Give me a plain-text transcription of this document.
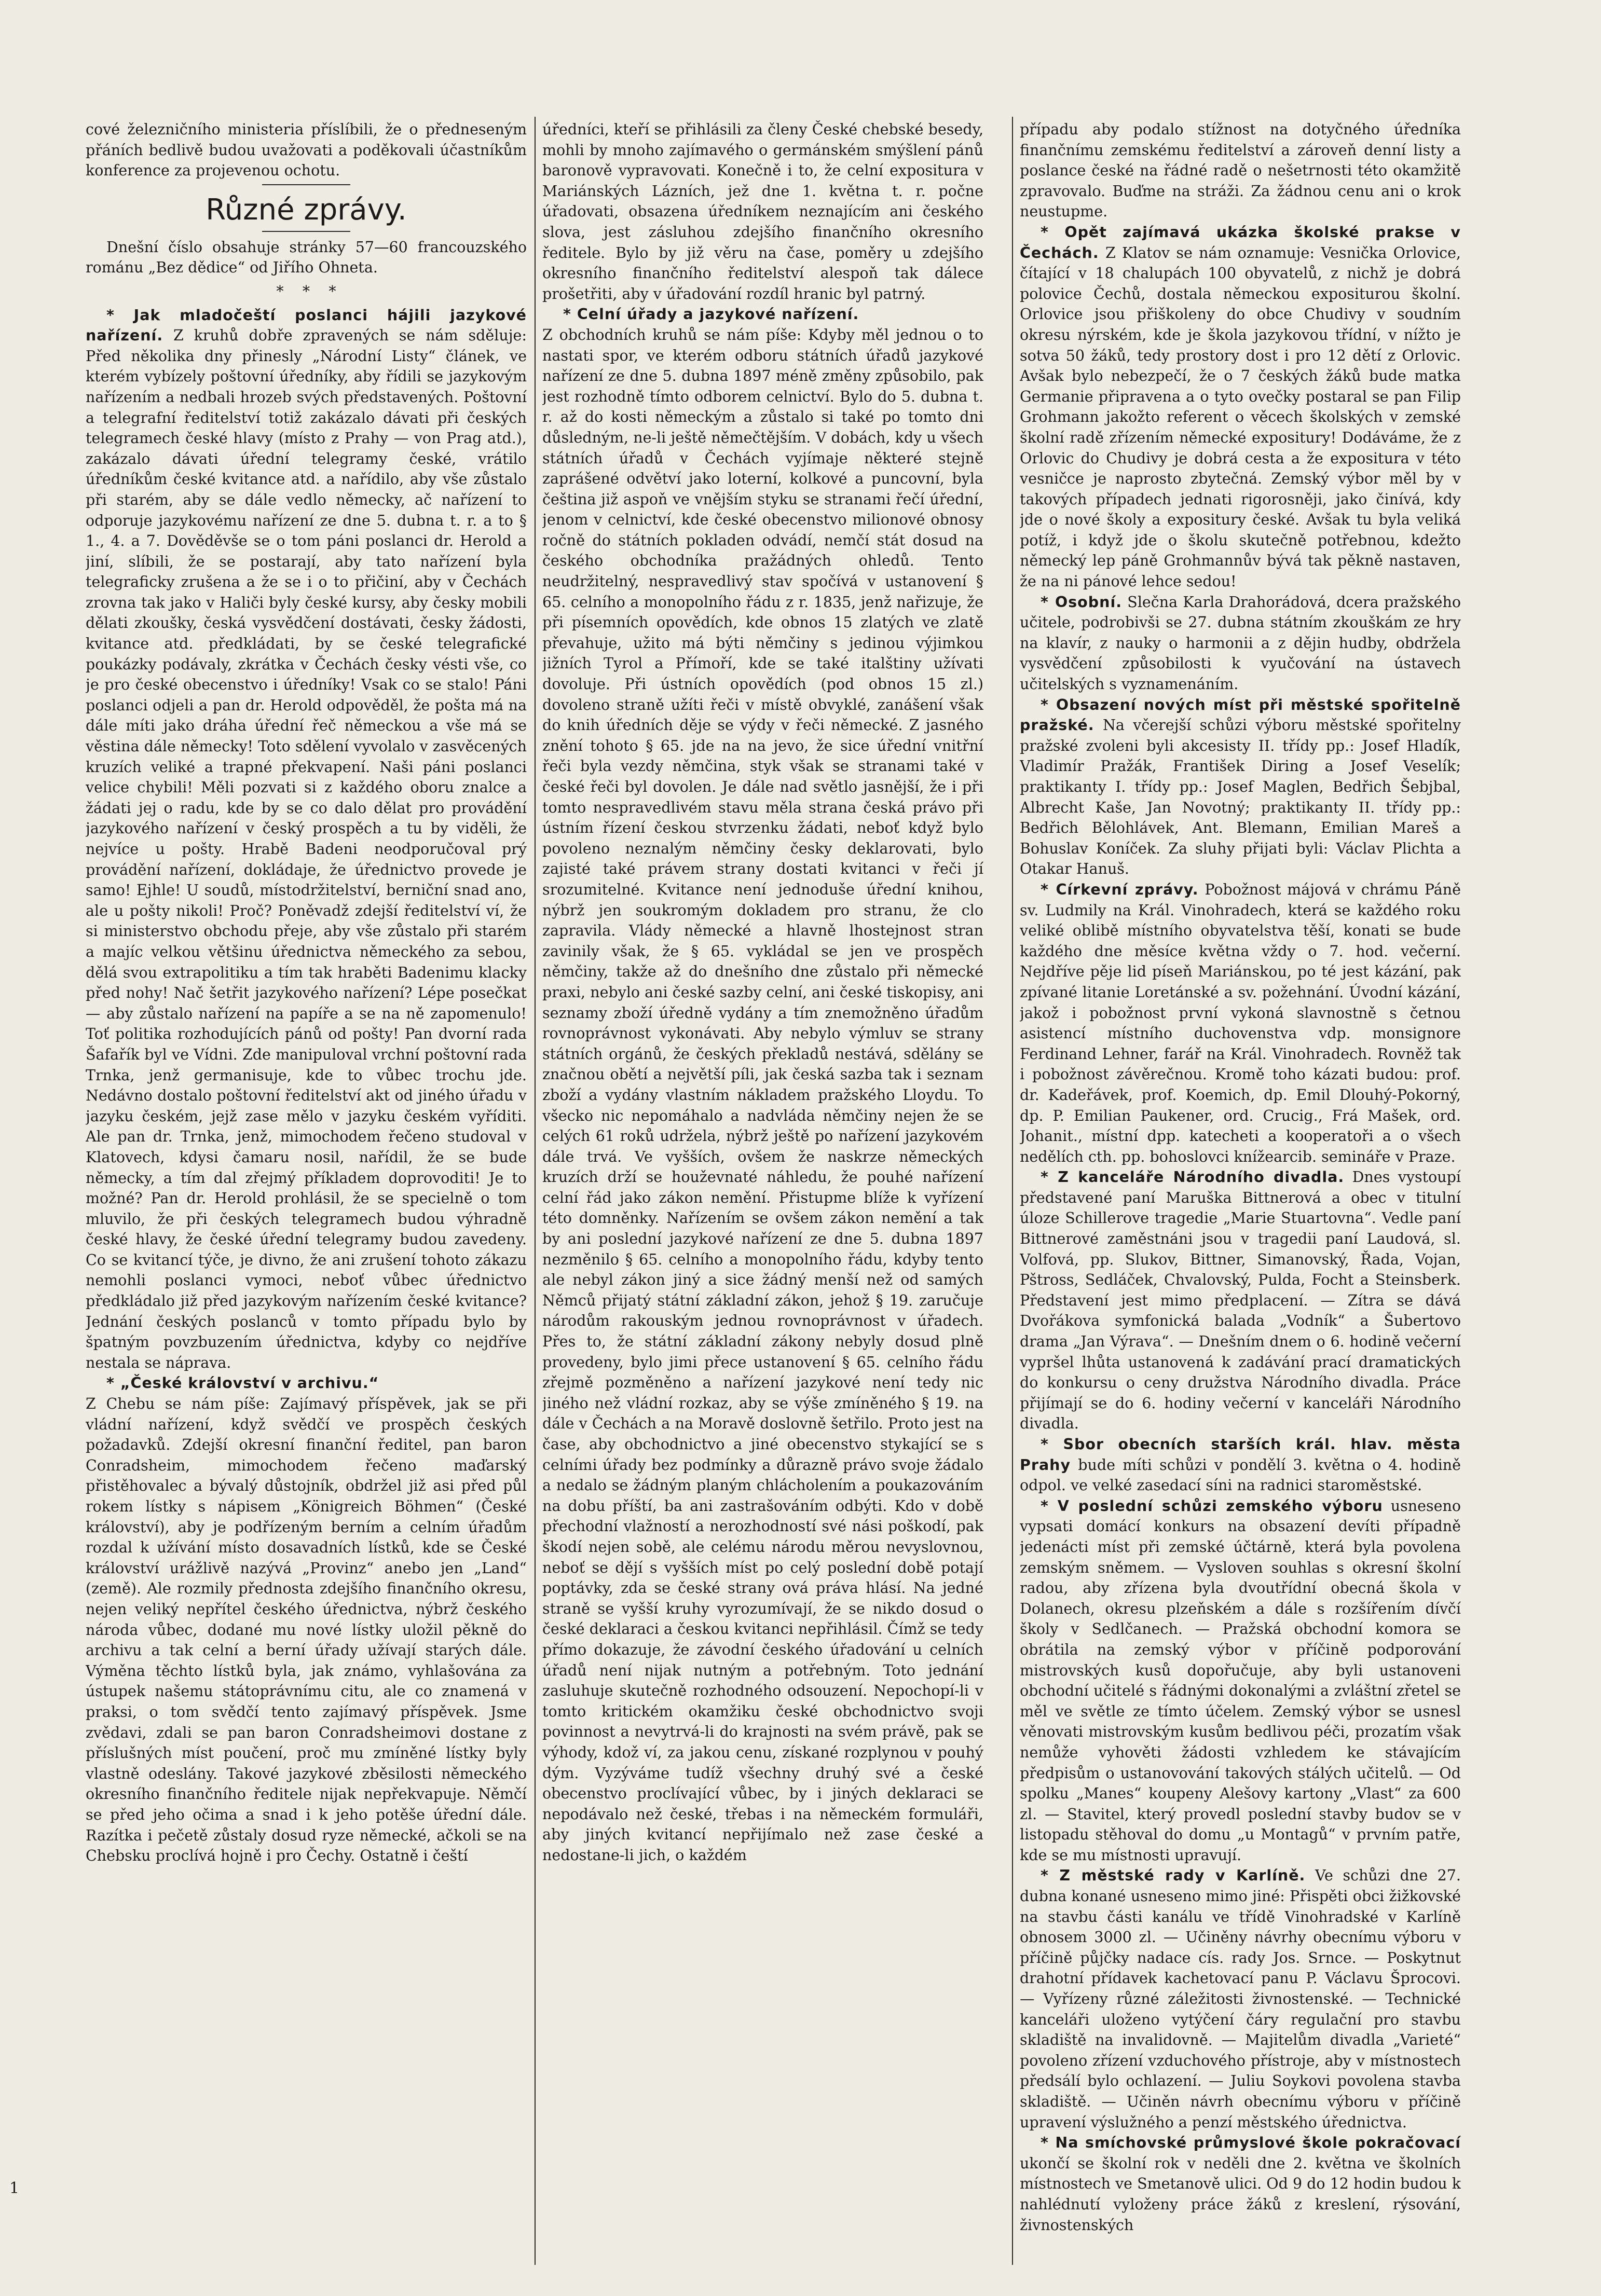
cové železničního ministeria příslíbili, že o předneseným přáních bedlivě budou uvažovati a poděkovali účastníkům konference za projevenou ochotu.

Různé zprávy.

Dnešní číslo obsahuje stránky 57—60 francouzského románu „Bez dědice“ od Jiřího Ohneta.

*    *    *

* Jak mladočeští poslanci hájili jazykové nařízení. Z kruhů dobře zpravených se nám sděluje: Před několika dny přinesly „Národní Listy“ článek, ve kterém vybízely poštovní úředníky, aby řídili se jazykovým nařízením a nedbali hrozeb svých představených. Poštovní a telegrafní ředitelství totiž zakázalo dávati při českých telegramech české hlavy (místo z Prahy — von Prag atd.), zakázalo dávati úřední telegramy české, vrátilo úředníkům české kvitance atd. a nařídilo, aby vše zůstalo při starém, aby se dále vedlo německy, ač nařízení to odporuje jazykovému nařízení ze dne 5. dubna t. r. a to § 1., 4. a 7. Dověděvše se o tom páni poslanci dr. Herold a jiní, slíbili, že se postarají, aby tato nařízení byla telegraficky zrušena a že se i o to přičiní, aby v Čechách zrovna tak jako v Haliči byly české kursy, aby česky mobili dělati zkoušky, česká vysvědčení dostávati, česky žádosti, kvitance atd. předkládati, by se české telegrafické poukázky podávaly, zkrátka v Čechách česky vésti vše, co je pro české obecenstvo i úředníky! Vsak co se stalo! Páni poslanci odjeli a pan dr. Herold odpověděl, že pošta má na dále míti jako dráha úřední řeč německou a vše má se věstina dále německy! Toto sdělení vyvolalo v zasvěcených kruzích veliké a trapné překvapení. Naši páni poslanci velice chybili! Měli pozvati si z každého oboru znalce a žádati jej o radu, kde by se co dalo dělat pro provádění jazykového nařízení v český prospěch a tu by viděli, že nejvíce u pošty. Hrabě Badeni neodporučoval prý provádění nařízení, dokládaje, že úřednictvo provede je samo! Ejhle! U soudů, místodržitelství, berniční snad ano, ale u pošty nikoli! Proč? Poněvadž zdejší ředitelství ví, že si ministerstvo obchodu přeje, aby vše zůstalo při starém a majíc velkou většinu úřednictva německého za sebou, dělá svou extrapolitiku a tím tak hraběti Badenimu klacky před nohy! Nač šetřit jazykového nařízení? Lépe posečkat — aby zůstalo nařízení na papíře a se na ně zapomenulo! Toť politika rozhodujících pánů od pošty! Pan dvorní rada Šafařík byl ve Vídni. Zde manipuloval vrchní poštovní rada Trnka, jenž germanisuje, kde to vůbec trochu jde. Nedávno dostalo poštovní ředitelství akt od jiného úřadu v jazyku českém, jejž zase mělo v jazyku českém vyříditi. Ale pan dr. Trnka, jenž, mimochodem řečeno studoval v Klatovech, kdysi čamaru nosil, nařídil, že se bude německy, a tím dal zřejmý příkladem doprovoditi! Je to možné? Pan dr. Herold prohlásil, že se specielně o tom mluvilo, že při českých telegramech budou výhradně české hlavy, že české úřední telegramy budou zavedeny. Co se kvitancí týče, je divno, že ani zrušení tohoto zákazu nemohli poslanci vymoci, neboť vůbec úřednictvo předkládalo již před jazykovým nařízením české kvitance? Jednání českých poslanců v tomto případu bylo by špatným povzbuzením úřednictva, kdyby co nejdříve nestala se náprava.

* „České království v archivu.“

Z Chebu se nám píše: Zajímavý příspěvek, jak se při vládní nařízení, když svědčí ve prospěch českých požadavků. Zdejší okresní finanční ředitel, pan baron Conradsheim, mimochodem řečeno maďarský přistěhovalec a bývalý důstojník, obdržel již asi před půl rokem lístky s nápisem „Königreich Böhmen“ (České království), aby je podřízeným berním a celním úřadům rozdal k užívání místo dosavadních lístků, kde se České království urážlivě nazývá „Provinz“ anebo jen „Land“ (země). Ale rozmily přednosta zdejšího finančního okresu, nejen veliký nepřítel českého úřednictva, nýbrž českého národa vůbec, dodané mu nové lístky uložil pěkně do archivu a tak celní a berní úřady užívají starých dále. Výměna těchto lístků byla, jak známo, vyhlašována za ústupek našemu státoprávnímu citu, ale co znamená v praksi, o tom svědčí tento zajímavý příspěvek. Jsme zvědavi, zdali se pan baron Conradsheimovi dostane z příslušných míst poučení, proč mu zmíněné lístky byly vlastně odeslány. Takové jazykové zběsilosti německého okresního finančního ředitele nijak nepřekvapuje. Němčí se před jeho očima a snad i k jeho potěše úřední dále. Razítka i pečetě zůstaly dosud ryze německé, ačkoli se na Chebsku proclívá hojně i pro Čechy. Ostatně i čeští

úředníci, kteří se přihlásili za členy České chebské besedy, mohli by mnoho zajímavého o germánském smýšlení pánů baronově vypravovati. Konečně i to, že celní expositura v Mariánských Lázních, jež dne 1. května t. r. počne úřadovati, obsazena úředníkem neznajícím ani českého slova, jest zásluhou zdejšího finančního okresního ředitele. Bylo by již věru na čase, poměry u zdejšího okresního finančního ředitelství alespoň tak dálece prošetřiti, aby v úřadování rozdíl hranic byl patrný.

* Celní úřady a jazykové nařízení.

Z obchodních kruhů se nám píše: Kdyby měl jednou o to nastati spor, ve kterém odboru státních úřadů jazykové nařízení ze dne 5. dubna 1897 méně změny způsobilo, pak jest rozhodně tímto odborem celnictví. Bylo do 5. dubna t. r. až do kosti německým a zůstalo si také po tomto dni důsledným, ne-li ještě němečtějším. V dobách, kdy u všech státních úřadů v Čechách vyjímaje některé stejně zaprášené odvětví jako loterní, kolkové a puncovní, byla čeština již aspoň ve vnějším styku se stranami řečí úřední, jenom v celnictví, kde české obecenstvo milionové obnosy ročně do státních pokladen odvádí, nemčí stát dosud na českého obchodníka pražádných ohledů. Tento neudržitelný, nespravedlivý stav spočívá v ustanovení § 65. celního a monopolního řádu z r. 1835, jenž nařizuje, že při písemních opovědích, kde obnos 15 zlatých ve zlatě převahuje, užito má býti němčiny s jedinou výjimkou jižních Tyrol a Přímoří, kde se také italštiny užívati dovoluje. Při ústních opovědích (pod obnos 15 zl.) dovoleno straně užíti řeči v místě obvyklé, zanášení však do knih úředních děje se výdy v řeči německé. Z jasného znění tohoto § 65. jde na na jevo, že sice úřední vnitřní řeči byla vezdy němčina, styk však se stranami také v české řeči byl dovolen. Je dále nad světlo jasnější, že i při tomto nespravedlivém stavu měla strana česká právo při ústním řízení českou stvrzenku žádati, neboť když bylo povoleno neznalým němčiny česky deklarovati, bylo zajisté také právem strany dostati kvitanci v řeči jí srozumitelné. Kvitance není jednoduše úřední knihou, nýbrž jen soukromým dokladem pro stranu, že clo zapravila. Vlády německé a hlavně lhostejnost stran zavinily však, že § 65. vykládal se jen ve prospěch němčiny, takže až do dnešního dne zůstalo při německé praxi, nebylo ani české sazby celní, ani české tiskopisy, ani seznamy zboží úředně vydány a tím znemožněno úřadům rovnoprávnost vykonávati. Aby nebylo výmluv se strany státních orgánů, že českých překladů nestává, sdělány se značnou obětí a největší píli, jak česká sazba tak i seznam zboží a vydány vlastním nákladem pražského Lloydu. To všecko nic nepomáhalo a nadvláda němčiny nejen že se celých 61 roků udržela, nýbrž ještě po nařízení jazykovém dále trvá. Ve vyšších, ovšem že naskrze německých kruzích drží se houževnaté náhledu, že pouhé nařízení celní řád jako zákon nemění. Přistupme blíže k vyřízení této domněnky. Nařízením se ovšem zákon nemění a tak by ani poslední jazykové nařízení ze dne 5. dubna 1897 nezměnilo § 65. celního a monopolního řádu, kdyby tento ale nebyl zákon jiný a sice žádný menší než od samých Němců přijatý státní základní zákon, jehož § 19. zaručuje národům rakouským jednou rovnoprávnost v úřadech. Přes to, že státní základní zákony nebyly dosud plně provedeny, bylo jimi přece ustanovení § 65. celního řádu zřejmě pozměněno a nařízení jazykové není tedy nic jiného než vládní rozkaz, aby se výše zmíněného § 19. na dále v Čechách a na Moravě doslovně šetřilo. Proto jest na čase, aby obchodnictvo a jiné obecenstvo stykající se s celními úřady bez podmínky a důrazně právo svoje žádalo a nedalo se žádným planým chlácholením a poukazováním na dobu příští, ba ani zastrašováním odbýti. Kdo v době přechodní vlažností a nerozhodností své nási poškodí, pak škodí nejen sobě, ale celému národu měrou nevyslovnou, neboť se dějí s vyšších míst po celý poslední době potají poptávky, zda se české strany ová práva hlásí. Na jedné straně se vyšší kruhy vyrozumívají, že se nikdo dosud o české deklaraci a českou kvitanci nepřihlásil. Čímž se tedy přímo dokazuje, že závodní českého úřadování u celních úřadů není nijak nutným a potřebným. Toto jednání zasluhuje skutečně rozhodného odsouzení. Nepochopí-li v tomto kritickém okamžiku české obchodnictvo svoji povinnost a nevytrvá-li do krajnosti na svém právě, pak se výhody, kdož ví, za jakou cenu, získané rozplynou v pouhý dým. Vyzýváme tudíž všechny druhý své a české obecenstvo proclívající vůbec, by i jiných deklaraci se nepodávalo než české, třebas i na německém formuláři, aby jiných kvitancí nepřijímalo než zase české a nedostane-li jich, o každém

případu aby podalo stížnost na dotyčného úředníka finančnímu zemskému ředitelství a zároveň denní listy a poslance české na řádné radě o nešetrnosti této okamžitě zpravovalo. Buďme na stráži. Za žádnou cenu ani o krok neustupme.

* Opět zajímavá ukázka školské prakse v Čechách. Z Klatov se nám oznamuje: Vesnička Orlovice, čítající v 18 chalupách 100 obyvatelů, z nichž je dobrá polovice Čechů, dostala německou expositurou školní. Orlovice jsou přiškoleny do obce Chudivy v soudním okresu nýrském, kde je škola jazykovou třídní, v nížto je sotva 50 žáků, tedy prostory dost i pro 12 dětí z Orlovic. Avšak bylo nebezpečí, že o 7 českých žáků bude matka Germanie připravena a o tyto ovečky postaral se pan Filip Grohmann jakožto referent o věcech školských v zemské školní radě zřízením německé expositury! Dodáváme, že z Orlovic do Chudivy je dobrá cesta a že expositura v této vesničce je naprosto zbytečná. Zemský výbor měl by v takových případech jednati rigorosněji, jako činívá, kdy jde o nové školy a expositury české. Avšak tu byla veliká potíž, i když jde o školu skutečně potřebnou, kdežto německý lep páně Grohmannův bývá tak pěkně nastaven, že na ni pánové lehce sedou!

* Osobní. Slečna Karla Drahorádová, dcera pražského učitele, podrobivši se 27. dubna státním zkouškám ze hry na klavír, z nauky o harmonii a z dějin hudby, obdržela vysvědčení způsobilosti k vyučování na ústavech učitelských s vyznamenáním.

* Obsazení nových míst při městské spořitelně pražské. Na včerejší schůzi výboru městské spořitelny pražské zvoleni byli akcesisty II. třídy pp.: Josef Hladík, Vladimír Pražák, František Diring a Josef Veselík; praktikanty I. třídy pp.: Josef Maglen, Bedřich Šebjbal, Albrecht Kaše, Jan Novotný; praktikanty II. třídy pp.: Bedřich Bělohlávek, Ant. Blemann, Emilian Mareš a Bohuslav Koníček. Za sluhy přijati byli: Václav Plichta a Otakar Hanuš.

* Církevní zprávy. Pobožnost májová v chrámu Páně sv. Ludmily na Král. Vinohradech, která se každého roku veliké oblibě místního obyvatelstva těší, konati se bude každého dne měsíce května vždy o 7. hod. večerní. Nejdříve pěje lid píseň Mariánskou, po té jest kázání, pak zpívané litanie Loretánské a sv. požehnání. Úvodní kázání, jakož i pobožnost první vykoná slavnostně s četnou asistencí místního duchovenstva vdp. monsignore Ferdinand Lehner, farář na Král. Vinohradech. Rovněž tak i pobožnost závěrečnou. Kromě toho kázati budou: prof. dr. Kadeřávek, prof. Koemich, dp. Emil Dlouhý-Pokorný, dp. P. Emilian Paukener, ord. Crucig., Frá Mašek, ord. Johanit., místní dpp. katecheti a kooperatoři a o všech nedělích cth. pp. bohoslovci knížearcib. semináře v Praze.

* Z kanceláře Národního divadla. Dnes vystoupí představené paní Maruška Bittnerová a obec v titulní úloze Schillerove tragedie „Marie Stuartovna“. Vedle paní Bittnerové zaměstnáni jsou v tragedii paní Laudová, sl. Volfová, pp. Slukov, Bittner, Simanovský, Řada, Vojan, Pštross, Sedláček, Chvalovský, Pulda, Focht a Steinsberk. Představení jest mimo předplacení. — Zítra se dává Dvořákova symfonická balada „Vodník“ a Šubertovo drama „Jan Výrava“. — Dnešním dnem o 6. hodině večerní vypršel lhůta ustanovená k zadávání prací dramatických do konkursu o ceny družstva Národního divadla. Práce přijímají se do 6. hodiny večerní v kanceláři Národního divadla.

* Sbor obecních starších král. hlav. města Prahy bude míti schůzi v pondělí 3. května o 4. hodině odpol. ve velké zasedací síni na radnici staroměstské.

* V poslední schůzi zemského výboru usneseno vypsati domácí konkurs na obsazení devíti případně jedenácti míst při zemské účtárně, která byla povolena zemským sněmem. — Vysloven souhlas s okresní školní radou, aby zřízena byla dvoutřídní obecná škola v Dolanech, okresu plzeňském a dále s rozšířením dívčí školy v Sedlčanech. — Pražská obchodní komora se obrátila na zemský výbor v příčině podporování mistrovských kusů dopořučuje, aby byli ustanoveni obchodní učitelé s řádnými dokonalými a zvláštní zřetel se měl ve světle ze tímto účelem. Zemský výbor se usnesl věnovati mistrovským kusům bedlivou péči, prozatím však nemůže vyhověti žádosti vzhledem ke stávajícím předpisům o ustanovování takových stálých učitelů. — Od spolku „Manes“ koupeny Alešovy kartony „Vlast“ za 600 zl. — Stavitel, který provedl poslední stavby budov se v listopadu stěhoval do domu „u Montagů“ v prvním patře, kde se mu místnosti upravují.

* Z městské rady v Karlíně. Ve schůzi dne 27. dubna konané usneseno mimo jiné: Přispěti obci žižkovské na stavbu části kanálu ve třídě Vinohradské v Karlíně obnosem 3000 zl. — Učiněny návrhy obecnímu výboru v příčině půjčky nadace cís. rady Jos. Srnce. — Poskytnut drahotní přídavek kachetovací panu P. Václavu Šprocovi. — Vyřízeny různé záležitosti živnostenské. — Technické kanceláři uloženo vytýčení čáry regulační pro stavbu skladiště na invalidovně. — Majitelům divadla „Varieté“ povoleno zřízení vzduchového přístroje, aby v místnostech předsálí bylo ochlazení. — Juliu Soykovi povolena stavba skladiště. — Učiněn návrh obecnímu výboru v příčině upravení výslužného a penzí městského úřednictva.

* Na smíchovské průmyslové škole pokračovací ukončí se školní rok v neděli dne 2. května ve školních místnostech ve Smetanově ulici. Od 9 do 12 hodin budou k nahlédnutí vyloženy práce žáků z kreslení, rýsování, živnostenských

1
